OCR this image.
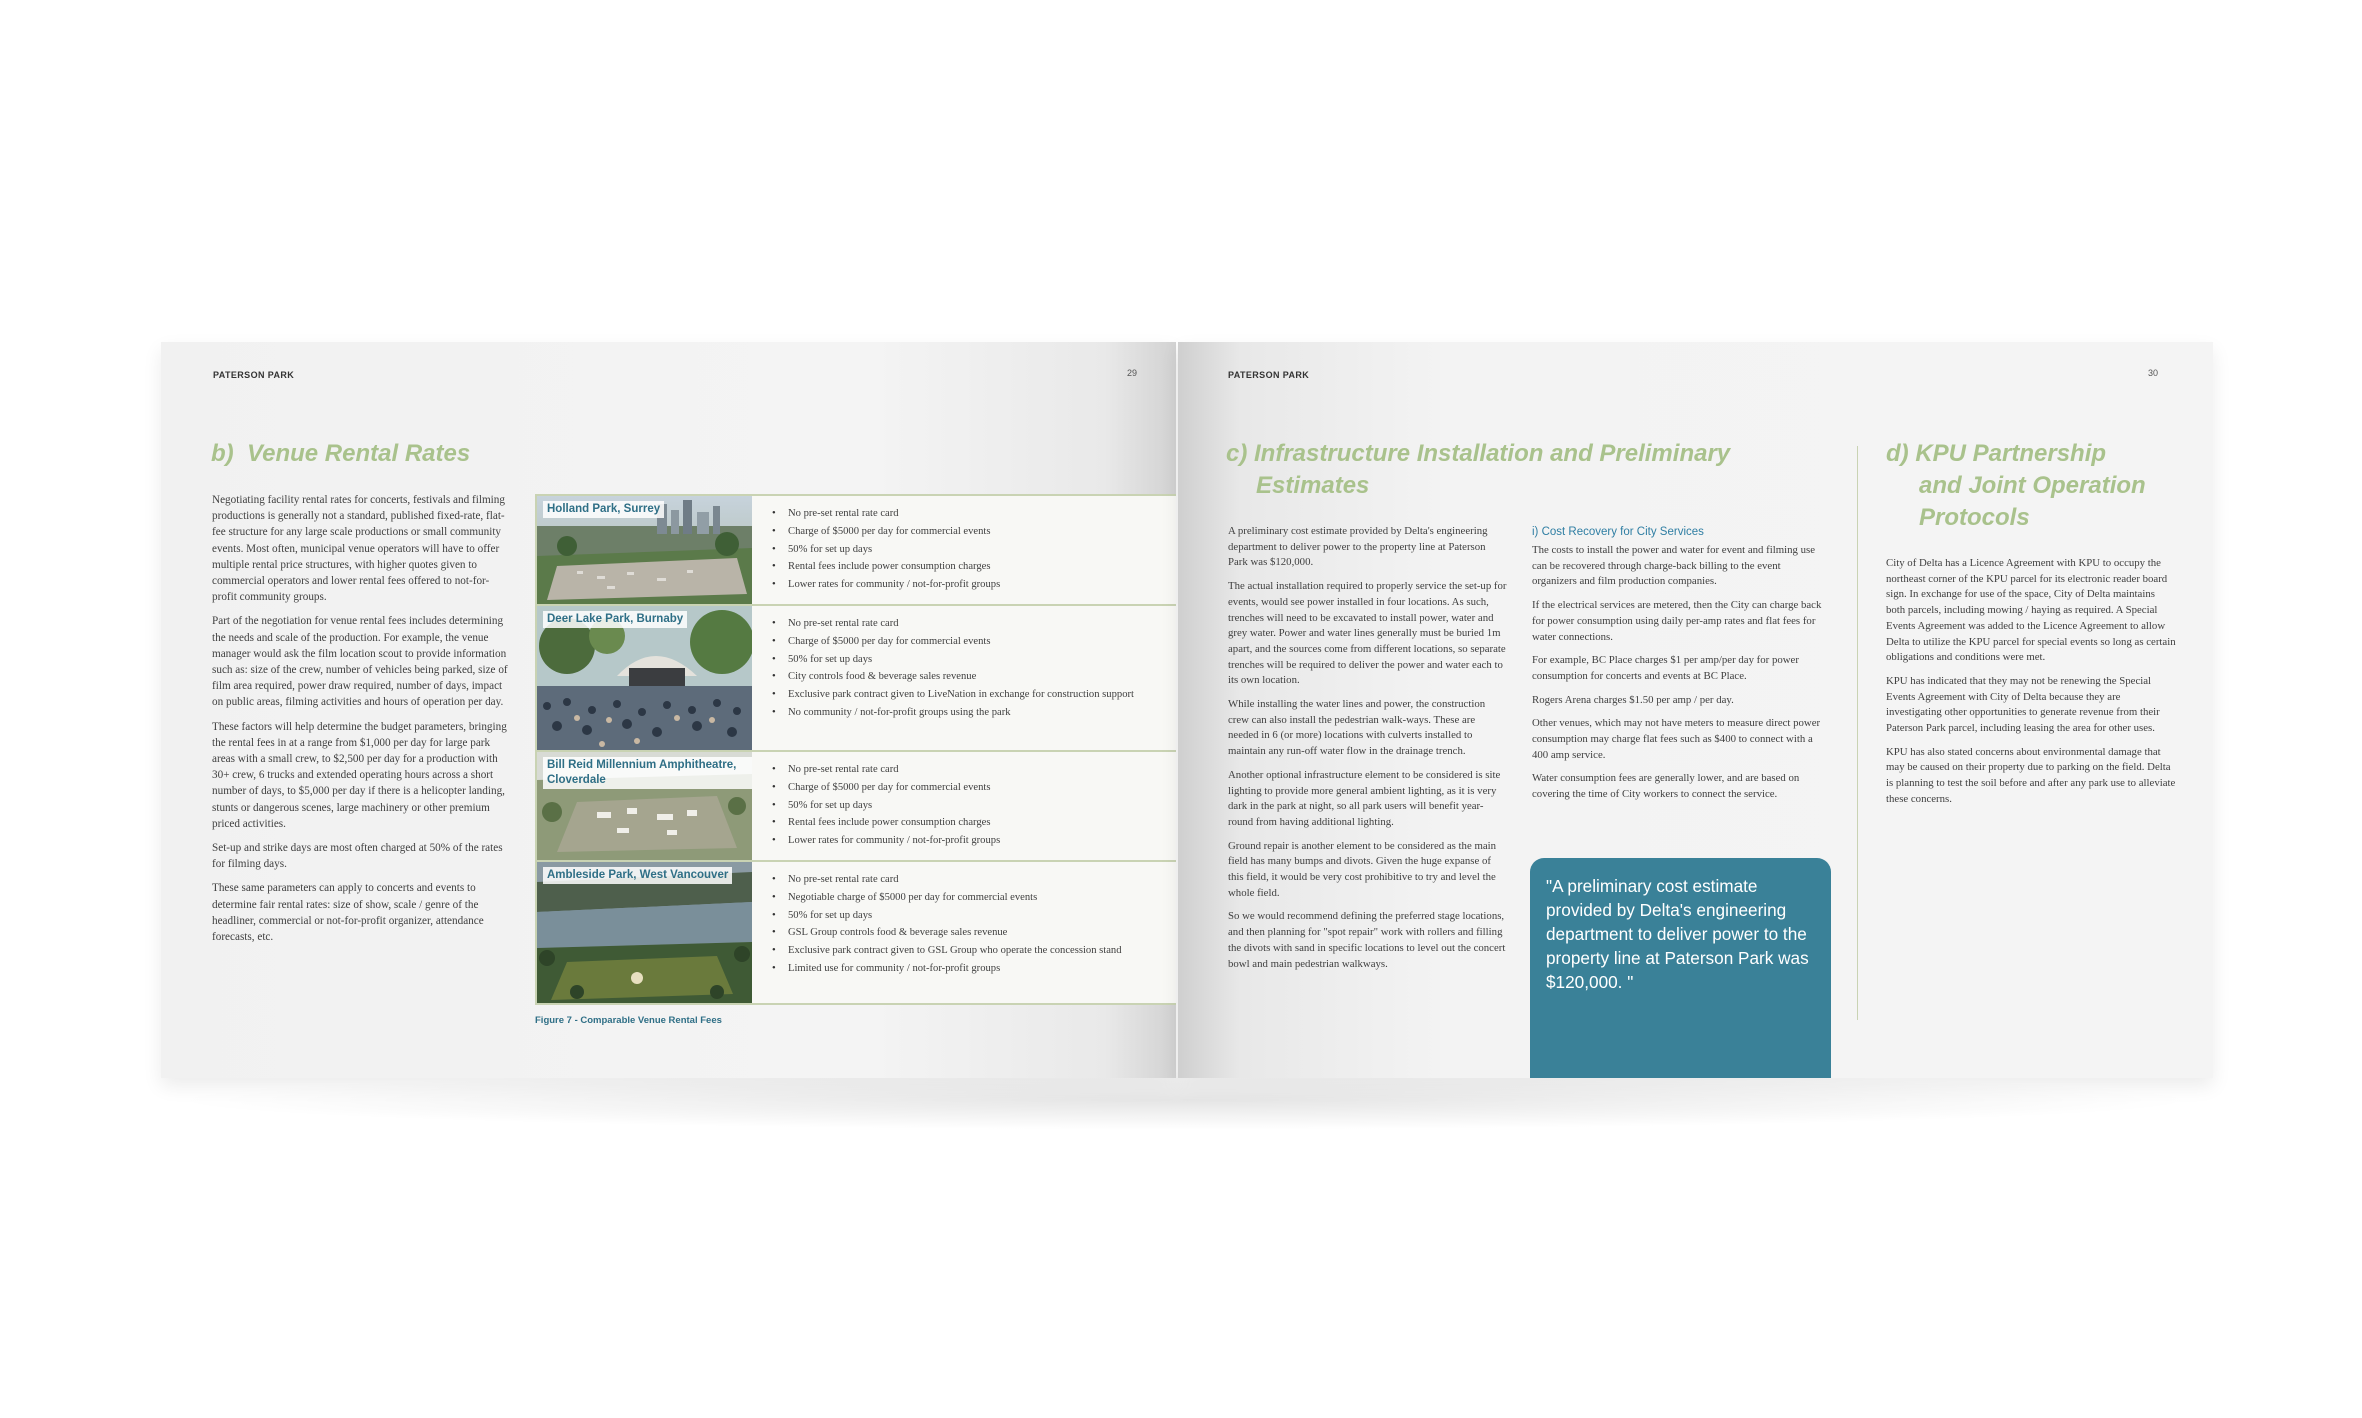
PATERSON PARK	29
b) Venue Rental Rates

Negotiating facility rental rates for concerts, festivals and filming productions is generally not a standard, published fixed-rate, flat-fee structure for any large scale productions or small community events. Most often, municipal venue operators will have to offer multiple rental price structures, with higher quotes given to commercial operators and lower rental fees offered to not-for-profit community groups.

Part of the negotiation for venue rental fees includes determining the needs and scale of the production. For example, the venue manager would ask the film location scout to provide information such as: size of the crew, number of vehicles being parked, size of film area required, power draw required, number of days, impact on public areas, filming activities and hours of operation per day.

These factors will help determine the budget parameters, bringing the rental fees in at a range from $1,000 per day for large park areas with a small crew, to $2,500 per day for a production with 30+ crew, 6 trucks and extended operating hours across a short number of days, to $5,000 per day if there is a helicopter landing, stunts or dangerous scenes, large machinery or other premium priced activities.

Set-up and strike days are most often charged at 50% of the rates for filming days.

These same parameters can apply to concerts and events to determine fair rental rates: size of show, scale / genre of the headliner, commercial or not-for-profit organizer, attendance forecasts, etc.

Holland Park, Surrey	• No pre-set rental rate card
• Charge of $5000 per day for commercial events
• 50% for set up days
• Rental fees include power consumption charges
• Lower rates for community / not-for-profit groups
Deer Lake Park, Burnaby	• No pre-set rental rate card
• Charge of $5000 per day for commercial events
• 50% for set up days
• City controls food & beverage sales revenue
• Exclusive park contract given to LiveNation in exchange for construction support
• No community / not-for-profit groups using the park
Bill Reid Millennium Amphitheatre, Cloverdale
• No pre-set rental rate card
• Charge of $5000 per day for commercial events
• 50% for set up days
• Rental fees include power consumption charges
• Lower rates for community / not-for-profit groups
Ambleside Park, West Vancouver	• No pre-set rental rate card
• Negotiable charge of $5000 per day for commercial events
• 50% for set up days
• GSL Group controls food & beverage sales revenue
• Exclusive park contract given to GSL Group who operate the concession stand
• Limited use for community / not-for-profit groups
Figure 7 - Comparable Venue Rental Fees
PATERSON PARK	30
c) Infrastructure Installation and Preliminary
Estimates

A preliminary cost estimate provided by Delta's engineering department to deliver power to the property line at Paterson Park was $120,000.

The actual installation required to properly service the set-up for events, would see power installed in four locations. As such, trenches will need to be excavated to install power, water and grey water. Power and water lines generally must be buried 1m apart, and the sources come from different locations, so separate trenches will be required to deliver the power and water each to its own location.

While installing the water lines and power, the construction crew can also install the pedestrian walk-ways. These are needed in 6 (or more) locations with culverts installed to maintain any run-off water flow in the drainage trench.

Another optional infrastructure element to be considered is site lighting to provide more general ambient lighting, as it is very dark in the park at night, so all park users will benefit year-round from having additional lighting.

Ground repair is another element to be considered as the main field has many bumps and divots. Given the huge expanse of this field, it would be very cost prohibitive to try and level the whole field.

So we would recommend defining the preferred stage locations, and then planning for "spot repair" work with rollers and filling the divots with sand in specific locations to level out the concert bowl and main pedestrian walkways.

i) Cost Recovery for City Services

The costs to install the power and water for event and filming use can be recovered through charge-back billing to the event organizers and film production companies.

If the electrical services are metered, then the City can charge back for power consumption using daily per-amp rates and flat fees for water connections.

For example, BC Place charges $1 per amp/per day for power consumption for concerts and events at BC Place.

Rogers Arena charges $1.50 per amp / per day.

Other venues, which may not have meters to measure direct power consumption may charge flat fees such as $400 to connect with a 400 amp service.

Water consumption fees are generally lower, and are based on covering the time of City workers to connect the service.

"A preliminary cost estimate provided by Delta's engineering department to deliver power to the property line at Paterson Park was $120,000. "
d) KPU Partnership
and Joint Operation
Protocols

City of Delta has a Licence Agreement with KPU to occupy the northeast corner of the KPU parcel for its electronic reader board sign. In exchange for use of the space, City of Delta maintains both parcels, including mowing / haying as required. A Special Events Agreement was added to the Licence Agreement to allow Delta to utilize the KPU parcel for special events so long as certain obligations and conditions were met.

KPU has indicated that they may not be renewing the Special Events Agreement with City of Delta because they are investigating other opportunities to generate revenue from their Paterson Park parcel, including leasing the area for other uses.

KPU has also stated concerns about environmental damage that may be caused on their property due to parking on the field. Delta is planning to test the soil before and after any park use to alleviate these concerns.
